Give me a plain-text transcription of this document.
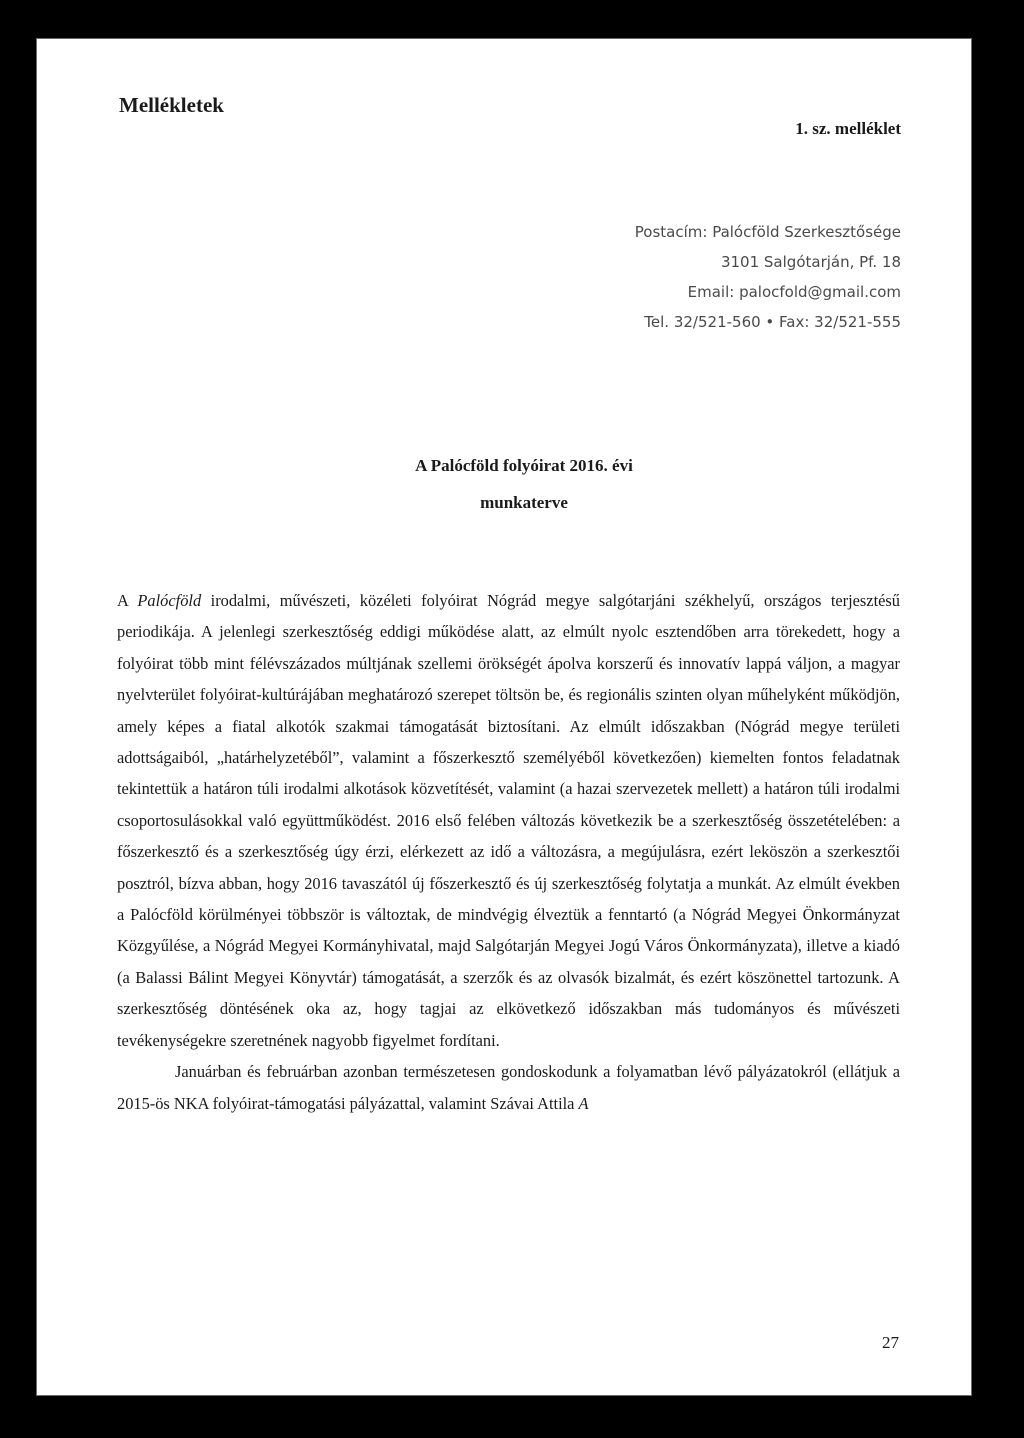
Mellékletek
1. sz. melléklet
Postacím: Palócföld Szerkesztősége
3101 Salgótarján, Pf. 18
Email: palocfold@gmail.com
Tel. 32/521-560 • Fax: 32/521-555
A Palócföld folyóirat 2016. évi
munkaterve

A Palócföld irodalmi, művészeti, közéleti folyóirat Nógrád megye salgótarjáni székhelyű, országos terjesztésű periodikája. A jelenlegi szerkesztőség eddigi működése alatt, az elmúlt nyolc esztendőben arra törekedett, hogy a folyóirat több mint félévszázados múltjának szellemi örökségét ápolva korszerű és innovatív lappá váljon, a magyar nyelvterület folyóirat-kultúrájában meghatározó szerepet töltsön be, és regionális szinten olyan műhelyként működjön, amely képes a fiatal alkotók szakmai támogatását biztosítani. Az elmúlt időszakban (Nógrád megye területi adottságaiból, „határhelyzetéből”, valamint a főszerkesztő személyéből következően) kiemelten fontos feladatnak tekintettük a határon túli irodalmi alkotások közvetítését, valamint (a hazai szervezetek mellett) a határon túli irodalmi csoportosulásokkal való együttműködést. 2016 első felében változás következik be a szerkesztőség összetételében: a főszerkesztő és a szerkesztőség úgy érzi, elérkezett az idő a változásra, a megújulásra, ezért leköszön a szerkesztői posztról, bízva abban, hogy 2016 tavaszától új főszerkesztő és új szerkesztőség folytatja a munkát. Az elmúlt években a Palócföld körülményei többször is változtak, de mindvégig élveztük a fenntartó (a Nógrád Megyei Önkormányzat Közgyűlése, a Nógrád Megyei Kormányhivatal, majd Salgótarján Megyei Jogú Város Önkormányzata), illetve a kiadó (a Balassi Bálint Megyei Könyvtár) támogatását, a szerzők és az olvasók bizalmát, és ezért köszönettel tartozunk. A szerkesztőség döntésének oka az, hogy tagjai az elkövetkező időszakban más tudományos és művészeti tevékenységekre szeretnének nagyobb figyelmet fordítani.

Januárban és februárban azonban természetesen gondoskodunk a folyamatban lévő pályázatokról (ellátjuk a 2015-ös NKA folyóirat-támogatási pályázattal, valamint Szávai Attila A

27
